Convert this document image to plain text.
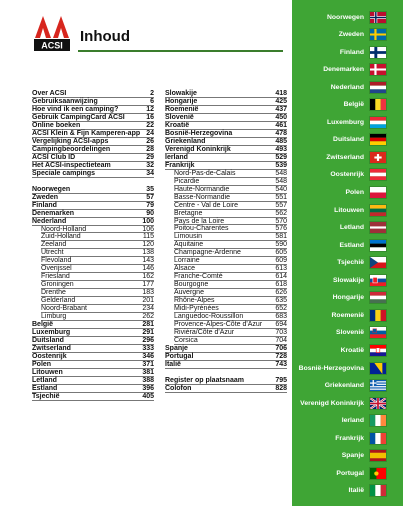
ACSI
Inhoud
Over ACSI	2
Gebruiksaanwijzing	6
Hoe vind ik een camping?	12
Gebruik CampingCard ACSI	16
Online boeken	22
ACSI Klein & Fijn Kamperen-app 24
Vergelijking ACSI-apps	26
Campingbeoordelingen	28
ACSI Club ID	29
Het ACSI-inspectieteam	32
Speciale campings	34
Noorwegen	35
Zweden	57
Finland	79
Denemarken	90
Nederland	100
Noord-Holland	106
Zuid-Holland	115
Zeeland	120
Utrecht	138
Flevoland	143
Overijssel	146
Friesland	162
Groningen	177
Drenthe	183
Gelderland	201
Noord-Brabant	234
Limburg	262
België	281
Luxemburg	291
Duitsland	296
Zwitserland	333
Oostenrijk	346
Polen	371
Litouwen	381
Letland	388
Estland	396
Tsjechië	405
Slowakije	418
Hongarije	425
Roemenië	437
Slovenië	450
Kroatië	461
Bosnië-Herzegovina	478
Griekenland	485
Verenigd Koninkrijk	493
Ierland	529
Frankrijk	539
Nord-Pas-de-Calais	548
Picardie	548
Haute-Normandie	540
Basse-Normandie	551
Centre - Val de Loire	557
Bretagne	562
Pays de la Loire	570
Poitou-Charentes	576
Limousin	581
Aquitaine	590
Champagne-Ardenne	605
Lorraine	609
Alsace	613
Franche-Comté	614
Bourgogne	618
Auvergne	626
Rhône-Alpes	635
Midi-Pyrénées	652
Languedoc-Roussillon	683
Provence-Alpes-Côte d'Azur 694
Riviéra/Côte d'Azur	703
Corsica	704
Spanje	706
Portugal	728
Italië	743
Register op plaatsnaam	795
Colofon	828
Noorwegen
Zweden
Finland
Denemarken
Nederland
België
Luxemburg
Duitsland
Zwitserland
Oostenrijk
Polen
Litouwen
Letland
Estland
Tsjechië
Slowakije
Hongarije
Roemenië
Slovenië
Kroatië
Bosnië-Herzegovina
Griekenland
Verenigd Koninkrijk
Ierland
Frankrijk
Spanje
Portugal
Italië
